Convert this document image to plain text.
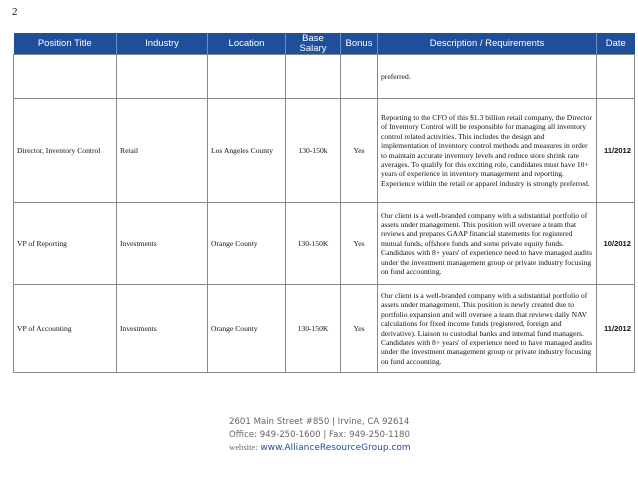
2
Position Title	Industry	Location	Base Salary	Bonus	Description / Requirements	Date
					preferred.	
Director, Inventory Control	Retail	Los Angeles County	130-150k	Yes	Reporting to the CFO of this $1.3 billion retail company, the Director of Inventory Control will be responsible for managing all inventory control related activities. This includes the design and implementation of inventory control methods and measures in order to maintain accurate inventory levels and reduce store shrink rate averages. To qualify for this exciting role, candidates must have 10+ years of experience in inventory management and reporting. Experience within the retail or apparel industry is strongly preferred.	11/2012
VP of Reporting	Investments	Orange County	130-150K	Yes	Our client is a well-branded company with a substantial portfolio of assets under management. This position will oversee a team that reviews and prepares GAAP financial statements for registered mutual funds, offshore funds and some private equity funds. Candidates with 8+ years' of experience need to have managed audits under the investment management group or private industry focusing on fund accounting.	10/2012
VP of Accounting	Investments	Orange County	130-150K	Yes	Our client is a well-branded company with a substantial portfolio of assets under management. This position is newly created due to portfolio expansion and will oversee a team that reviews daily NAV calculations for fixed income funds (registered, foreign and derivative). Liaison to custodial banks and internal fund managers. Candidates with 8+ years' of experience need to have managed audits under the investment management group or private industry focusing on fund accounting.	11/2012
2601 Main Street #850 | Irvine, CA 92614
Office: 949-250-1600 | Fax: 949-250-1180
website: www.AllianceResourceGroup.com
